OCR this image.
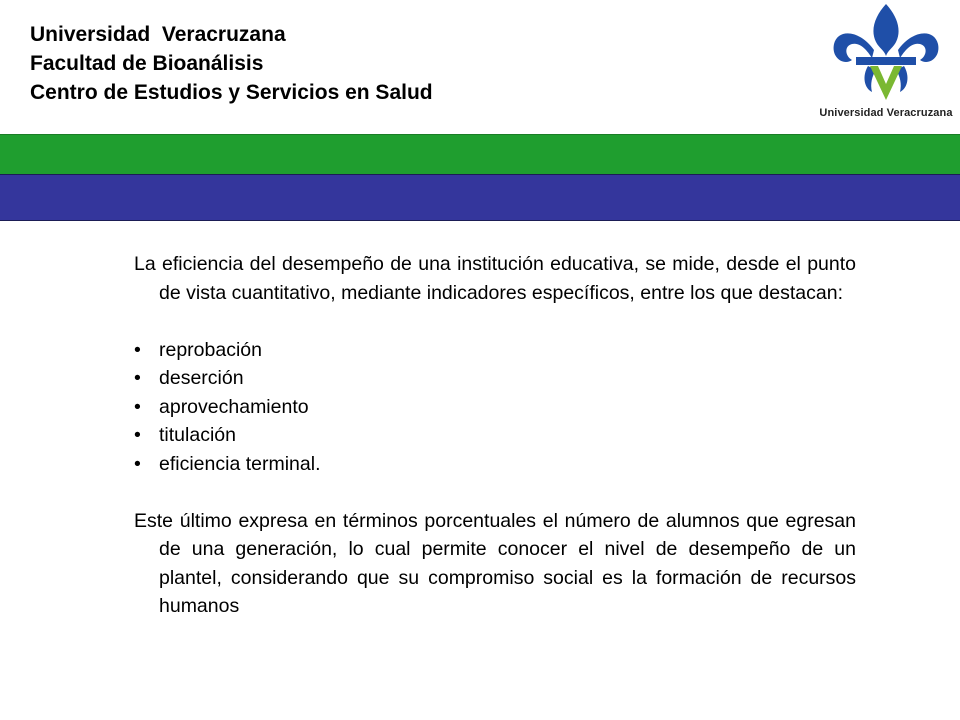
Universidad  Veracruzana
Facultad de Bioanálisis
Centro de Estudios y Servicios en Salud
Universidad Veracruzana
La eficiencia del desempeño de una institución educativa, se mide, desde el punto de vista cuantitativo, mediante indicadores específicos, entre los que destacan:
• reprobación
• deserción
• aprovechamiento
• titulación
• eficiencia terminal.
Este último expresa en términos porcentuales el número de alumnos que egresan de una generación, lo cual permite conocer el nivel de desempeño de un plantel, considerando que su compromiso social es la formación de recursos humanos
